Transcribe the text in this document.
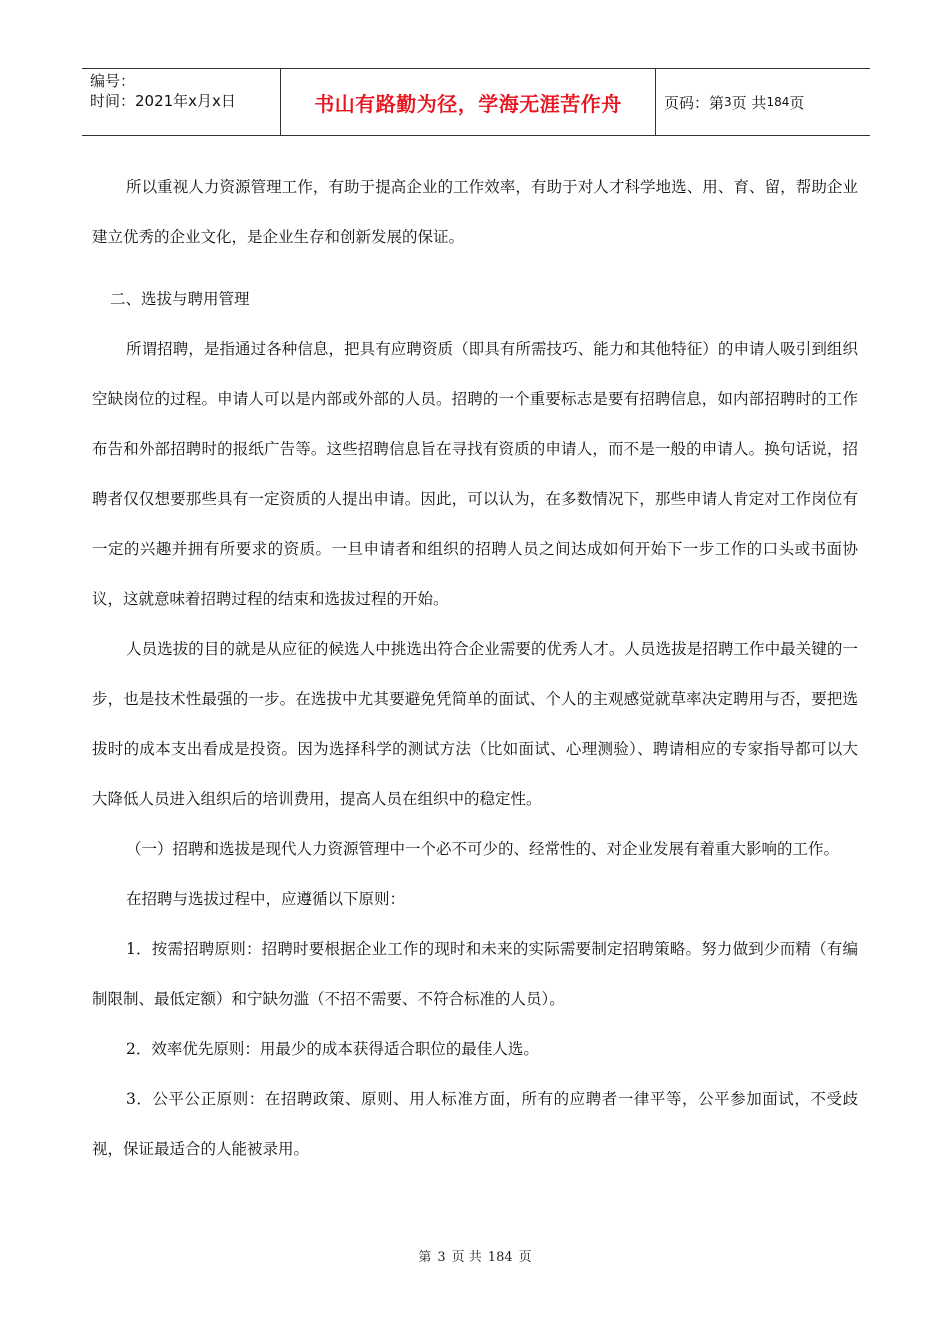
编号：
时间：2021年x月x日	书山有路勤为径，学海无涯苦作舟	页码：第 3 页 共 184 页

所以重视人力资源管理工作，有助于提高企业的工作效率，有助于对人才科学地选、用、育、留，帮助企业建立优秀的企业文化，是企业生存和创新发展的保证。

二、选拔与聘用管理

所谓招聘，是指通过各种信息，把具有应聘资质（即具有所需技巧、能力和其他特征）的申请人吸引到组织空缺岗位的过程。申请人可以是内部或外部的人员。招聘的一个重要标志是要有招聘信息，如内部招聘时的工作布告和外部招聘时的报纸广告等。这些招聘信息旨在寻找有资质的申请人，而不是一般的申请人。换句话说，招聘者仅仅想要那些具有一定资质的人提出申请。因此，可以认为，在多数情况下，那些申请人肯定对工作岗位有一定的兴趣并拥有所要求的资质。一旦申请者和组织的招聘人员之间达成如何开始下一步工作的口头或书面协议，这就意味着招聘过程的结束和选拔过程的开始。

人员选拔的目的就是从应征的候选人中挑选出符合企业需要的优秀人才。人员选拔是招聘工作中最关键的一步，也是技术性最强的一步。在选拔中尤其要避免凭简单的面试、个人的主观感觉就草率决定聘用与否，要把选拔时的成本支出看成是投资。因为选择科学的测试方法（比如面试、心理测验）、聘请相应的专家指导都可以大大降低人员进入组织后的培训费用，提高人员在组织中的稳定性。

（一）招聘和选拔是现代人力资源管理中一个必不可少的、经常性的、对企业发展有着重大影响的工作。

在招聘与选拔过程中，应遵循以下原则：

1．按需招聘原则：招聘时要根据企业工作的现时和未来的实际需要制定招聘策略。努力做到少而精（有编制限制、最低定额）和宁缺勿滥（不招不需要、不符合标准的人员）。

2．效率优先原则：用最少的成本获得适合职位的最佳人选。

3．公平公正原则：在招聘政策、原则、用人标准方面，所有的应聘者一律平等，公平参加面试，不受歧视，保证最适合的人能被录用。

第 3 页 共 184 页
